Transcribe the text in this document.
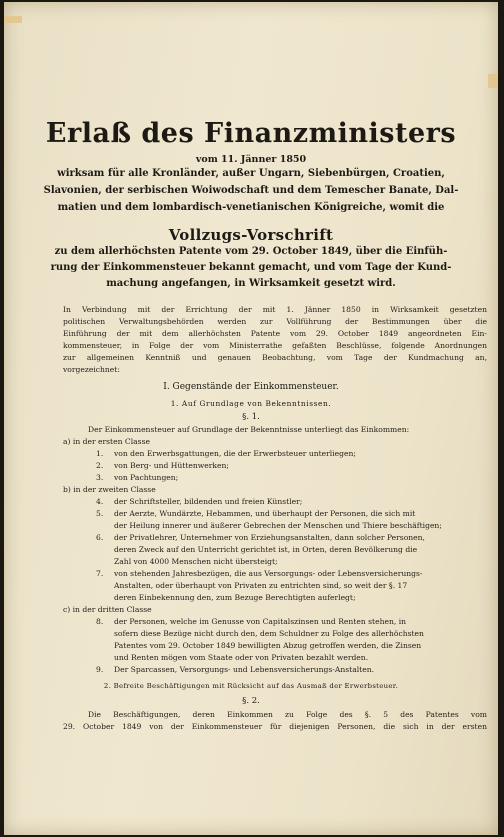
Erlaß des Finanzministers
vom 11. Jänner 1850
wirksam für alle Kronländer, außer Ungarn, Siebenbürgen, Croatien,
Slavonien, der serbischen Woiwodschaft und dem Temescher Banate, Dal-
matien und dem lombardisch-venetianischen Königreiche, womit die
Vollzugs-Vorschrift
zu dem allerhöchsten Patente vom 29. October 1849, über die Einfüh-
rung der Einkommensteuer bekannt gemacht, und vom Tage der Kund-
machung angefangen, in Wirksamkeit gesetzt wird.
In Verbindung mit der Errichtung der mit 1. Jänner 1850 in Wirksamkeit gesetzten
politischen Verwaltungsbehörden werden zur Vollführung der Bestimmungen über die
Einführung der mit dem allerhöchsten Patente vom 29. October 1849 angeordneten Ein-
kommensteuer, in Folge der vom Ministerrathe gefaßten Beschlüsse, folgende Anordnungen
zur allgemeinen Kenntniß und genauen Beobachtung, vom Tage der Kundmachung an,
vorgezeichnet:
I. Gegenstände der Einkommensteuer.
1. Auf Grundlage von Bekenntnissen.
§. 1.
Der Einkommensteuer auf Grundlage der Bekenntnisse unterliegt das Einkommen:
a) in der ersten Classe
1. von den Erwerbsgattungen, die der Erwerbsteuer unterliegen;
2. von Berg- und Hüttenwerken;
3. von Pachtungen;
b) in der zweiten Classe
4. der Schriftsteller, bildenden und freien Künstler;
5. der Aerzte, Wundärzte, Hebammen, und überhaupt der Personen, die sich mit
der Heilung innerer und äußerer Gebrechen der Menschen und Thiere beschäftigen;
6. der Privatlehrer, Unternehmer von Erziehungsanstalten, dann solcher Personen,
deren Zweck auf den Unterricht gerichtet ist, in Orten, deren Bevölkerung die
Zahl von 4000 Menschen nicht übersteigt;
7. von stehenden Jahresbezügen, die aus Versorgungs- oder Lebensversicherungs-
Anstalten, oder überhaupt von Privaten zu entrichten sind, so weit der §. 17
deren Einbekennung den, zum Bezuge Berechtigten auferlegt;
c) in der dritten Classe
8. der Personen, welche im Genusse von Capitalszinsen und Renten stehen, in
sofern diese Bezüge nicht durch den, dem Schuldner zu Folge des allerhöchsten
Patentes vom 29. October 1849 bewilligten Abzug getroffen werden, die Zinsen
und Renten mögen vom Staate oder von Privaten bezahlt werden.
9. Der Sparcassen, Versorgungs- und Lebensversicherungs-Anstalten.
2. Befreite Beschäftigungen mit Rücksicht auf das Ausmaß der Erwerbsteuer.
§. 2.
Die Beschäftigungen, deren Einkommen zu Folge des §. 5 des Patentes vom
29. October 1849 von der Einkommensteuer für diejenigen Personen, die sich in der ersten
